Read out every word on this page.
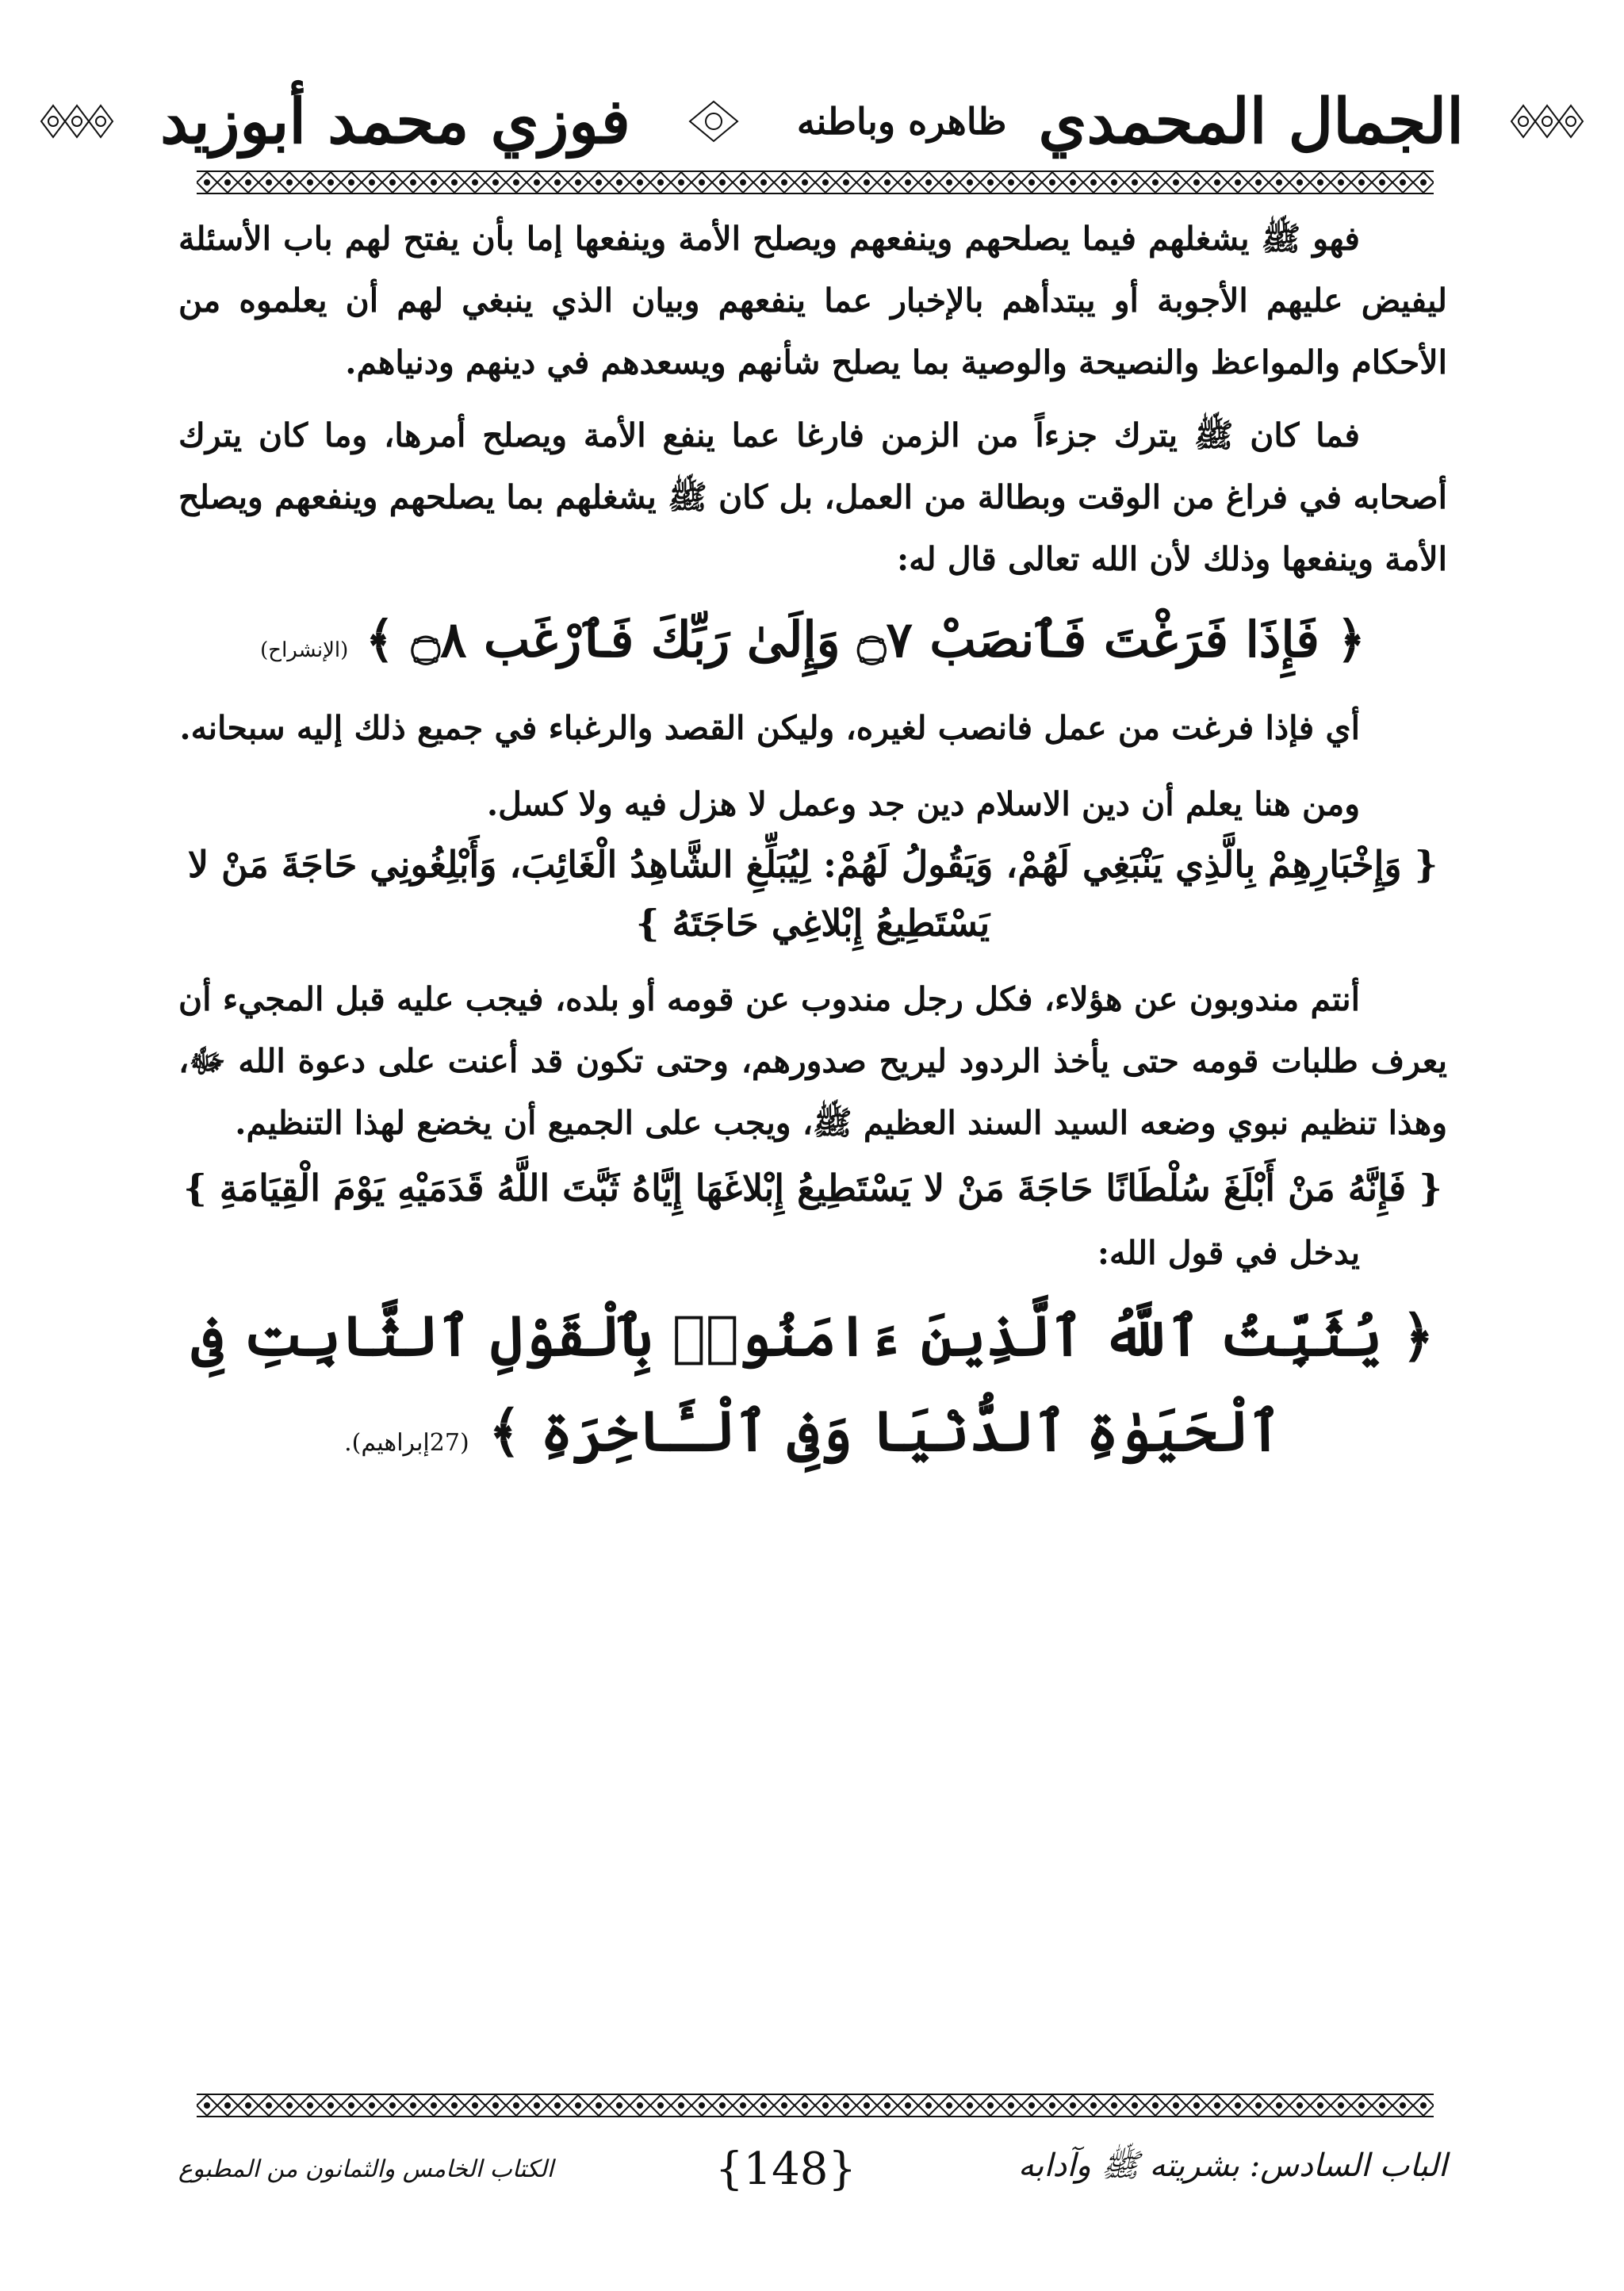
الجمال المحمدي
ظاهره وباطنه
فوزي محمد أبوزيد

فهو ﷺ يشغلهم فيما يصلحهم وينفعهم ويصلح الأمة وينفعها إما بأن يفتح لهم باب الأسئلة ليفيض عليهم الأجوبة أو يبتدأهم بالإخبار عما ينفعهم وبيان الذي ينبغي لهم أن يعلموه من الأحكام والمواعظ والنصيحة والوصية بما يصلح شأنهم ويسعدهم في دينهم ودنياهم.

فما كان ﷺ يترك جزءاً من الزمن فارغا عما ينفع الأمة ويصلح أمرها، وما كان يترك أصحابه في فراغ من الوقت وبطالة من العمل، بل كان ﷺ يشغلهم بما يصلحهم وينفعهم ويصلح الأمة وينفعها وذلك لأن الله تعالى قال له:

﴿ فَإِذَا فَرَغْتَ فَٱنصَبْ ۝٧ وَإِلَىٰ رَبِّكَ فَٱرْغَب ۝٨ ﴾ (الإنشراح)

أي فإذا فرغت من عمل فانصب لغيره، وليكن القصد والرغباء في جميع ذلك إليه سبحانه.

ومن هنا يعلم أن دين الاسلام دين جد وعمل لا هزل فيه ولا كسل.

{ وَإِخْبَارِهِمْ بِالَّذِي يَنْبَغِي لَهُمْ، وَيَقُولُ لَهُمْ: لِيُبَلِّغِ الشَّاهِدُ الْغَائِبَ، وَأَبْلِغُونِي حَاجَةَ مَنْ لا يَسْتَطِيعُ إِبْلاغِي حَاجَتَهُ }

أنتم مندوبون عن هؤلاء، فكل رجل مندوب عن قومه أو بلده، فيجب عليه قبل المجيء أن يعرف طلبات قومه حتى يأخذ الردود ليريح صدورهم، وحتى تكون قد أعنت على دعوة الله ﷻ، وهذا تنظيم نبوي وضعه السيد السند العظيم ﷺ، ويجب على الجميع أن يخضع لهذا التنظيم.

{ فَإِنَّهُ مَنْ أَبْلَغَ سُلْطَانًا حَاجَةَ مَنْ لا يَسْتَطِيعُ إِبْلاغَهَا إِيَّاهُ ثَبَّتَ اللَّهُ قَدَمَيْهِ يَوْمَ الْقِيَامَةِ }
يدخل في قول الله:
﴿ يُثَبِّتُ ٱللَّهُ ٱلَّذِينَ ءَامَنُوا۟ بِٱلْقَوْلِ ٱلثَّابِتِ فِى ٱلْحَيَوٰةِ ٱلدُّنْيَا وَفِى ٱلْـَٔاخِرَةِ ﴾ (27إبراهيم).
الباب السادس: بشريته ﷺ وآدابه
{148}
الكتاب الخامس والثمانون من المطبوع
